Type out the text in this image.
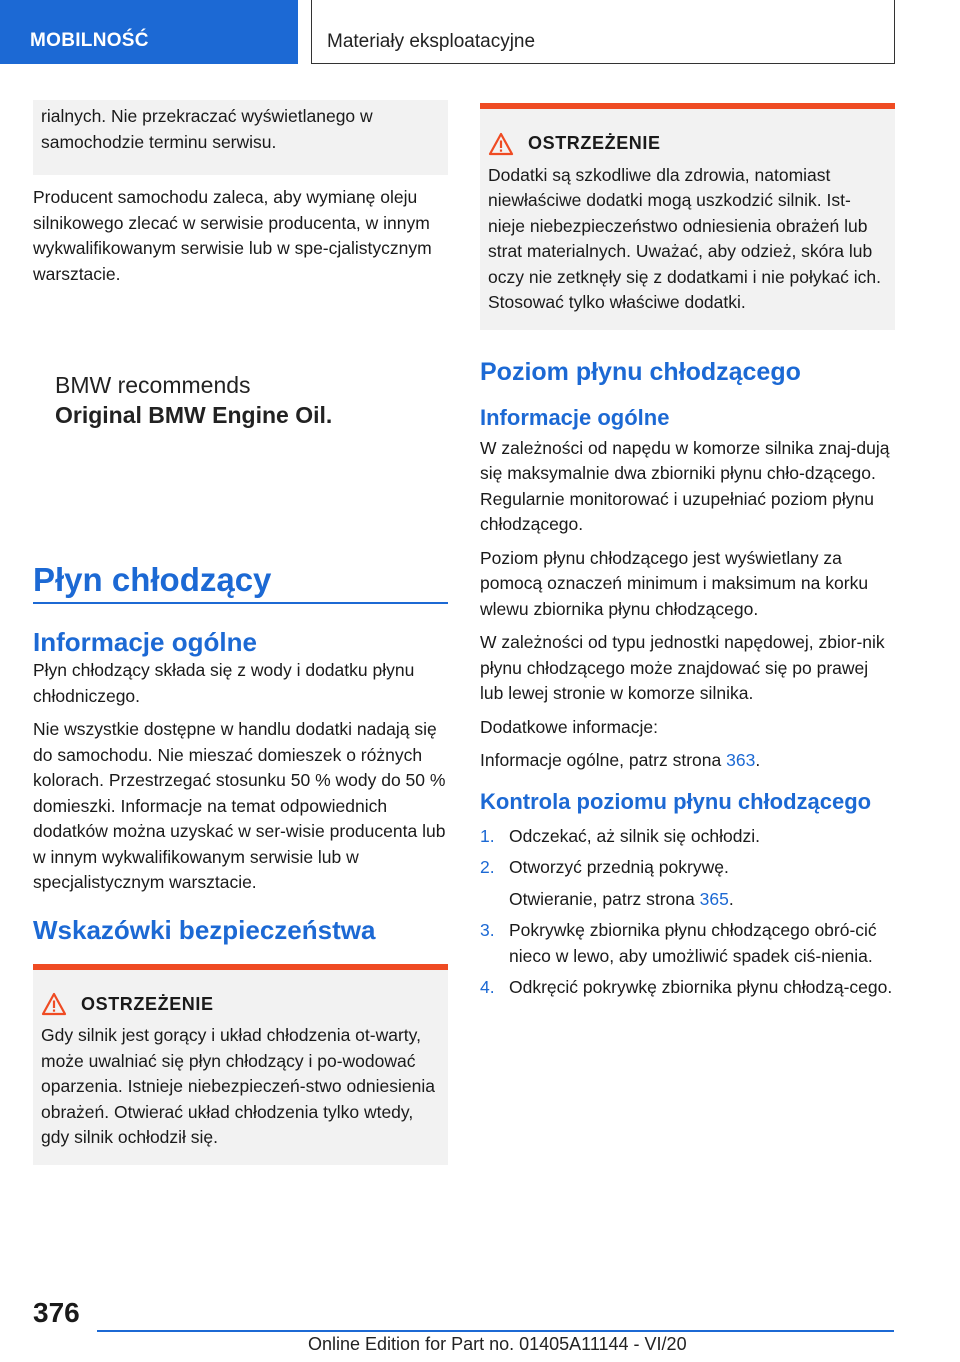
MOBILNOŚĆ	Materiały eksploatacyjne
rialnych. Nie przekraczać wyświetlanego w samochodzie terminu serwisu.

Producent samochodu zaleca, aby wymianę oleju silnikowego zlecać w serwisie producenta, w innym wykwalifikowanym serwisie lub w spe-cjalistycznym warsztacie.

BMW recommends
Original BMW Engine Oil.
Płyn chłodzący
Informacje ogólne

Płyn chłodzący składa się z wody i dodatku płynu chłodniczego.

Nie wszystkie dostępne w handlu dodatki nadają się do samochodu. Nie mieszać domieszek o różnych kolorach. Przestrzegać stosunku 50 % wody do 50 % domieszki. Informacje na temat odpowiednich dodatków można uzyskać w ser-wisie producenta lub w innym wykwalifikowanym serwisie lub w specjalistycznym warsztacie.

Wskazówki bezpieczeństwa
OSTRZEŻENIE
Gdy silnik jest gorący i układ chłodzenia ot-warty, może uwalniać się płyn chłodzący i po-wodować oparzenia. Istnieje niebezpieczeń-stwo odniesienia obrażeń. Otwierać układ chłodzenia tylko wtedy, gdy silnik ochłodził się.
OSTRZEŻENIE
Dodatki są szkodliwe dla zdrowia, natomiast niewłaściwe dodatki mogą uszkodzić silnik. Ist-nieje niebezpieczeństwo odniesienia obrażeń lub strat materialnych. Uważać, aby odzież, skóra lub oczy nie zetknęły się z dodatkami i nie połykać ich. Stosować tylko właściwe dodatki.
Poziom płynu chłodzącego
Informacje ogólne

W zależności od napędu w komorze silnika znaj-dują się maksymalnie dwa zbiorniki płynu chło-dzącego. Regularnie monitorować i uzupełniać poziom płynu chłodzącego.

Poziom płynu chłodzącego jest wyświetlany za pomocą oznaczeń minimum i maksimum na korku wlewu zbiornika płynu chłodzącego.

W zależności od typu jednostki napędowej, zbior-nik płynu chłodzącego może znajdować się po prawej lub lewej stronie w komorze silnika.

Dodatkowe informacje:

Informacje ogólne, patrz strona 363.

Kontrola poziomu płynu chłodzącego
1. Odczekać, aż silnik się ochłodzi.
2. Otworzyć przednią pokrywę.
Otwieranie, patrz strona 365.
3. Pokrywkę zbiornika płynu chłodzącego obró-cić nieco w lewo, aby umożliwić spadek ciś-nienia.
4. Odkręcić pokrywkę zbiornika płynu chłodzą-cego.
376
Online Edition for Part no. 01405A11144 - VI/20
